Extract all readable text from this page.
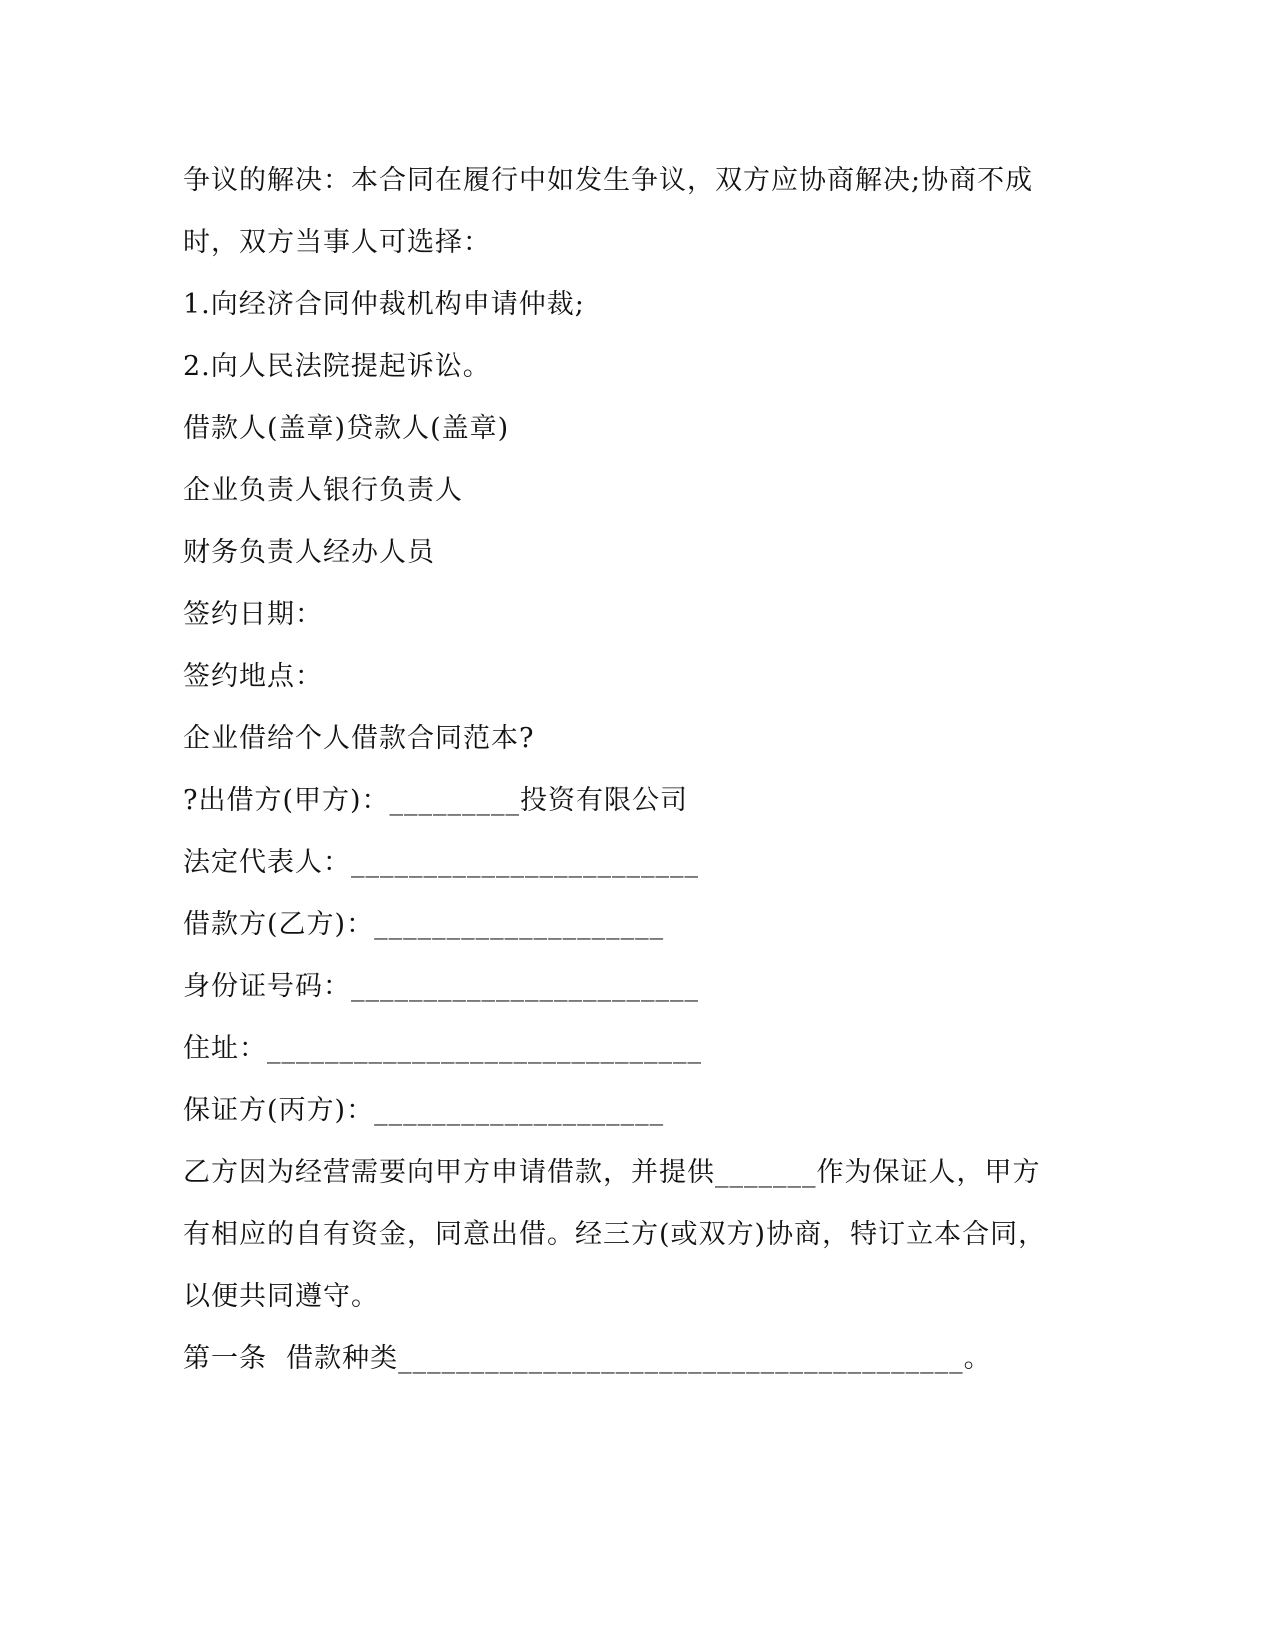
争议的解决：本合同在履行中如发生争议，双方应协商解决;协商不成
时，双方当事人可选择：
1.向经济合同仲裁机构申请仲裁;
2.向人民法院提起诉讼。
借款人(盖章)贷款人(盖章)
企业负责人银行负责人
财务负责人经办人员
签约日期：
签约地点：
企业借给个人借款合同范本?
?出借方(甲方)：_________投资有限公司
法定代表人：________________________
借款方(乙方)：____________________
身份证号码：________________________
住址：______________________________
保证方(丙方)：____________________
乙方因为经营需要向甲方申请借款，并提供_______作为保证人，甲方
有相应的自有资金，同意出借。经三方(或双方)协商，特订立本合同，
以便共同遵守。
第一条  借款种类_______________________________________。
